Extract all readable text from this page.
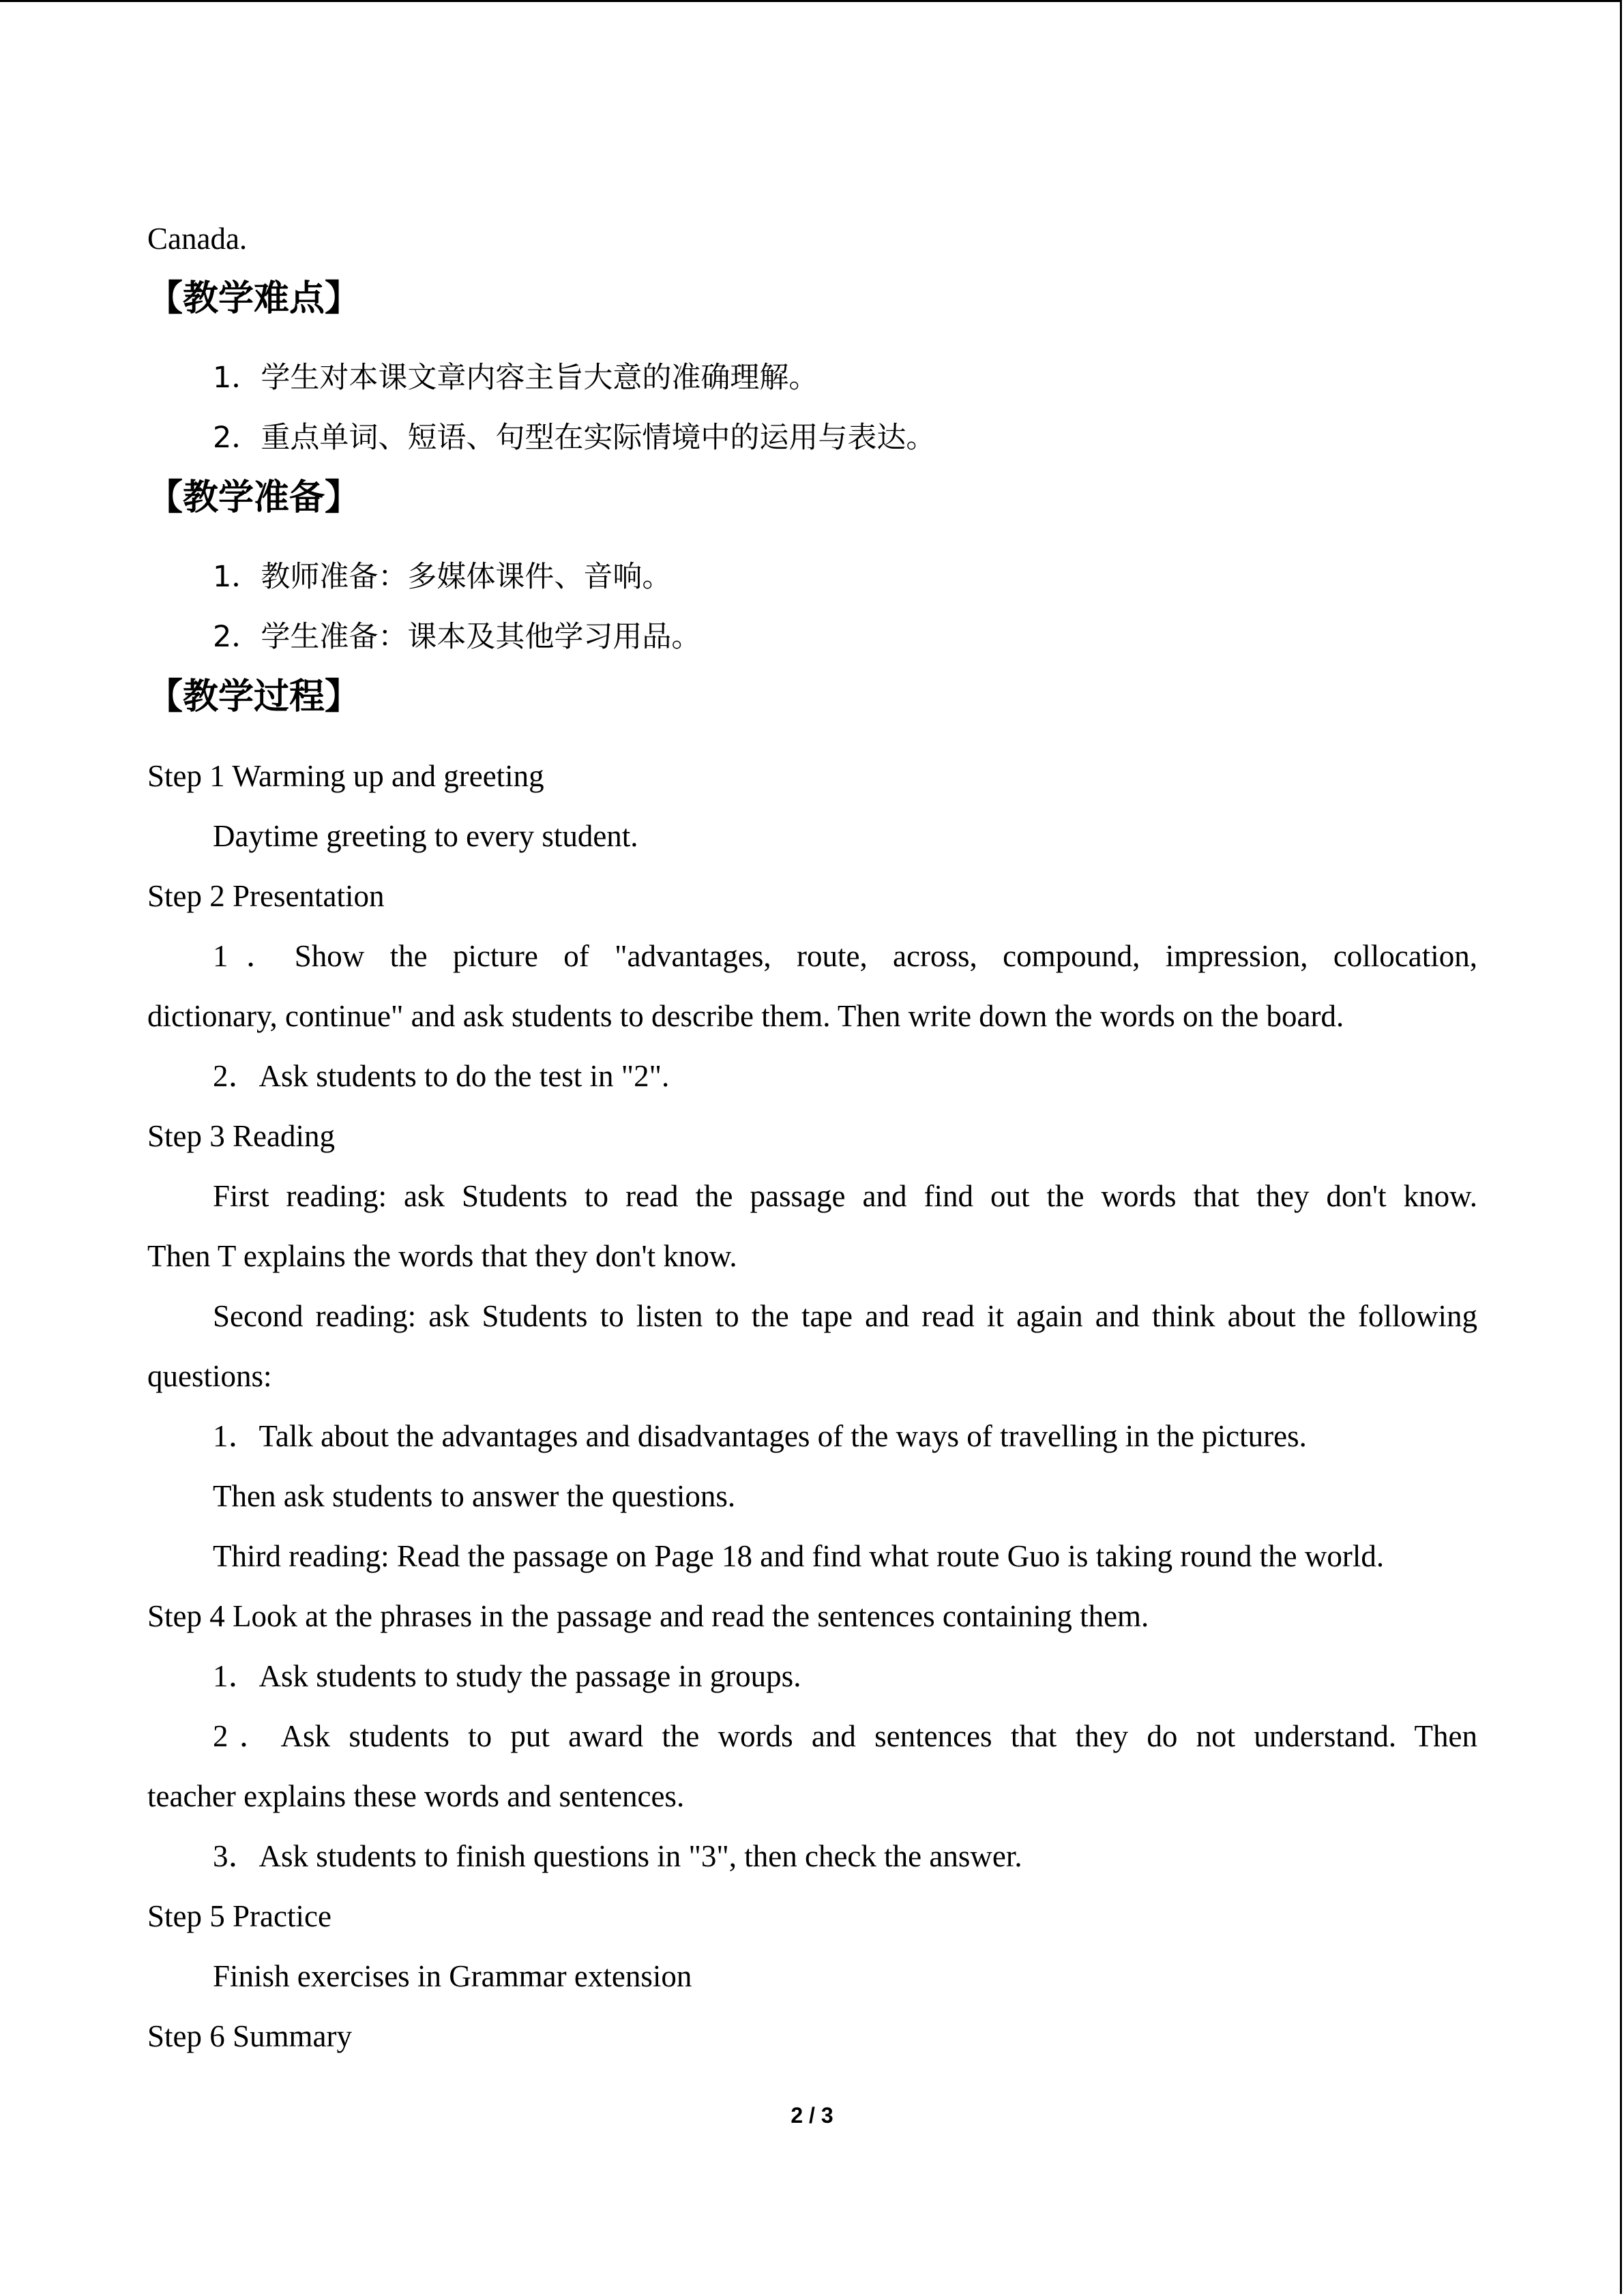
Canada.
【教学难点】
1．学生对本课文章内容主旨大意的准确理解。
2．重点单词、短语、句型在实际情境中的运用与表达。
【教学准备】
1．教师准备：多媒体课件、音响。
2．学生准备：课本及其他学习用品。
【教学过程】
Step 1 Warming up and greeting
Daytime greeting to every student.
Step 2 Presentation
1．Show the picture of "advantages, route, across, compound, impression, collocation,
dictionary, continue" and ask students to describe them. Then write down the words on the board.
2．Ask students to do the test in "2".
Step 3 Reading
First reading: ask Students to read the passage and find out the words that they don't know.
Then T explains the words that they don't know.
Second reading: ask Students to listen to the tape and read it again and think about the following
questions:
1．Talk about the advantages and disadvantages of the ways of travelling in the pictures.
Then ask students to answer the questions.
Third reading: Read the passage on Page 18 and find what route Guo is taking round the world.
Step 4 Look at the phrases in the passage and read the sentences containing them.
1．Ask students to study the passage in groups.
2．Ask students to put award the words and sentences that they do not understand. Then
teacher explains these words and sentences.
3．Ask students to finish questions in "3", then check the answer.
Step 5 Practice
Finish exercises in Grammar extension
Step 6 Summary
2 / 3
